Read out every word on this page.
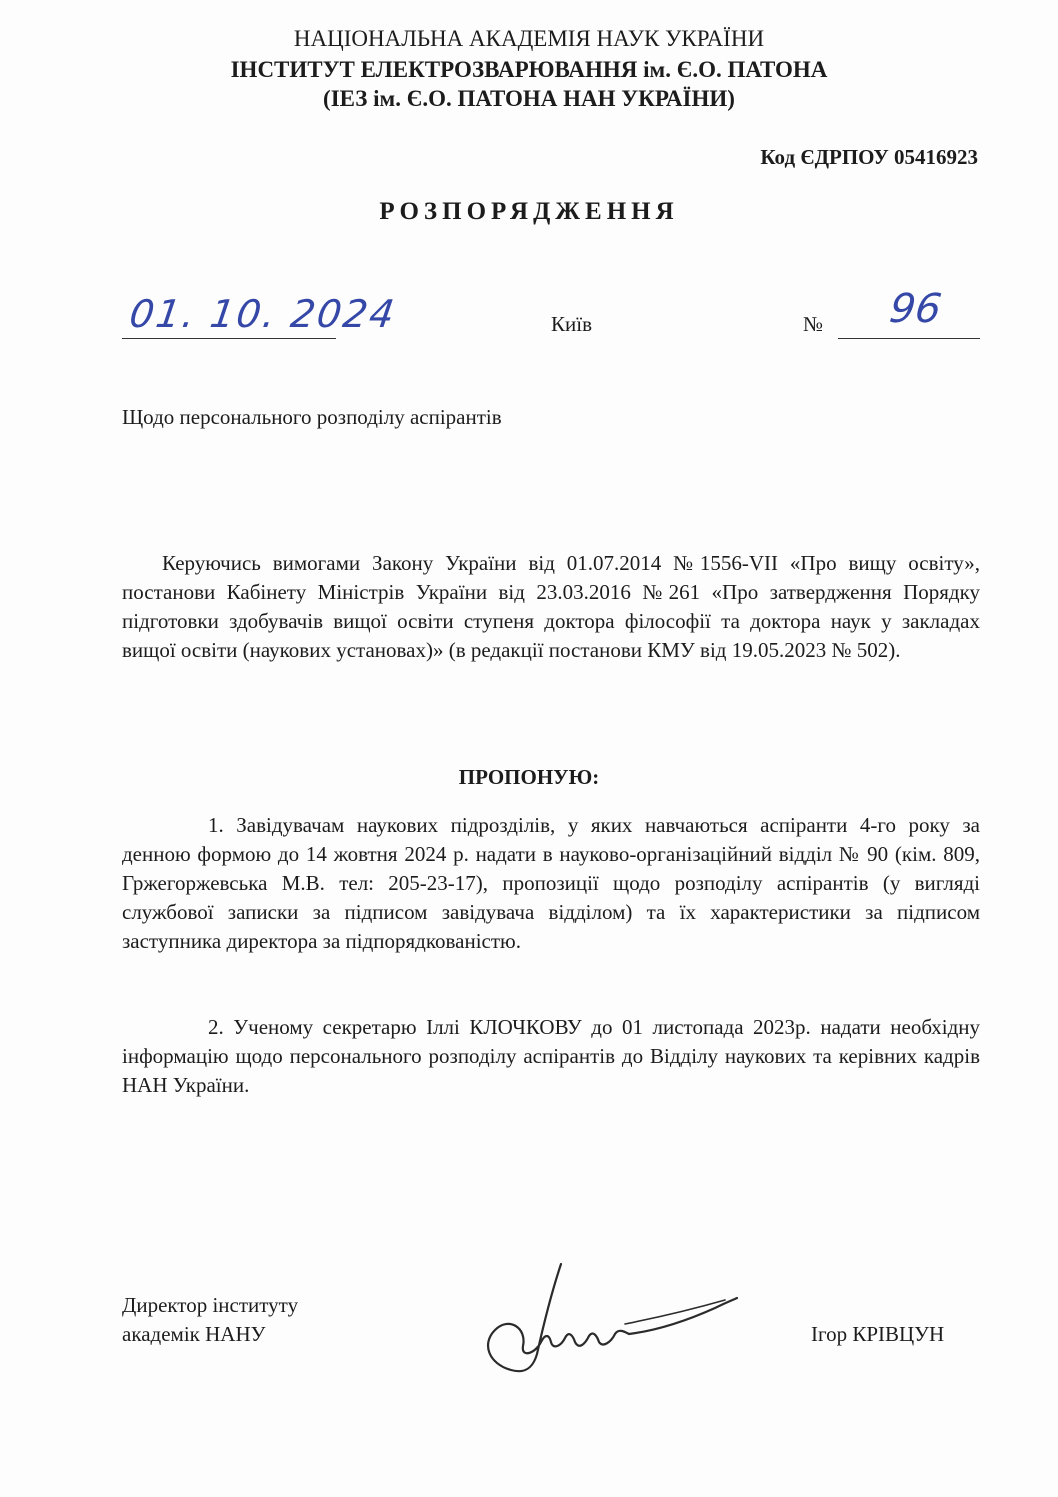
НАЦІОНАЛЬНА АКАДЕМІЯ НАУК УКРАЇНИ
ІНСТИТУТ ЕЛЕКТРОЗВАРЮВАННЯ ім. Є.О. ПАТОНА
(ІЕЗ ім. Є.О. ПАТОНА НАН УКРАЇНИ)
Код ЄДРПОУ 05416923
РОЗПОРЯДЖЕННЯ
01. 10. 2024	Київ	№ 96
Щодо персонального розподілу аспірантів
Керуючись вимогами Закону України від 01.07.2014 №1556-VII «Про вищу освіту», постанови Кабінету Міністрів України від 23.03.2016 №261 «Про затвердження Порядку підготовки здобувачів вищої освіти ступеня доктора філософії та доктора наук у закладах вищої освіти (наукових установах)» (в редакції постанови КМУ від 19.05.2023 № 502).
ПРОПОНУЮ:
1. Завідувачам наукових підрозділів, у яких навчаються аспіранти 4-го року за денною формою до 14 жовтня 2024 р. надати в науково-організаційний відділ № 90 (кім. 809, Гржегоржевська М.В. тел: 205-23-17), пропозиції щодо розподілу аспірантів (у вигляді службової записки за підписом завідувача відділом) та їх характеристики за підписом заступника директора за підпорядкованістю.
2. Ученому секретарю Іллі КЛОЧКОВУ до 01 листопада 2023р. надати необхідну інформацію щодо персонального розподілу аспірантів до Відділу наукових та керівних кадрів НАН України.
Директор інституту
академік НАНУ	Ігор КРІВЦУН
